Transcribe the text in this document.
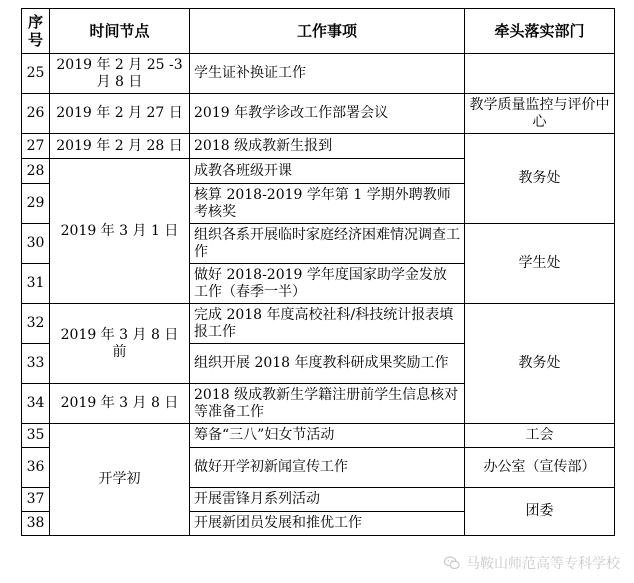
序号	时间节点	工作事项	牵头落实部门
25	2019 年 2 月 25 -3 月 8 日	学生证补换证工作	
26	2019 年 2 月 27 日	2019 年教学诊改工作部署会议	教学质量监控与评价中心
27	2019 年 2 月 28 日	2018 级成教新生报到	教务处
28	2019 年 3 月 1 日	成教各班级开课	
29		核算 2018-2019 学年第 1 学期外聘教师考核奖	
30		组织各系开展临时家庭经济困难情况调查工作	学生处
31		做好 2018-2019 学年度国家助学金发放工作（春季一半）	
32	2019 年 3 月 8 日前	完成 2018 年度高校社科/科技统计报表填报工作	教务处
33		组织开展 2018 年度教科研成果奖励工作	
34	2019 年 3 月 8 日	2018 级成教新生学籍注册前学生信息核对等准备工作	
35	开学初	筹备“三八”妇女节活动	工会
36		做好开学初新闻宣传工作	办公室（宣传部）
37		开展雷锋月系列活动	团委
38		开展新团员发展和推优工作	
马鞍山师范高等专科学校
